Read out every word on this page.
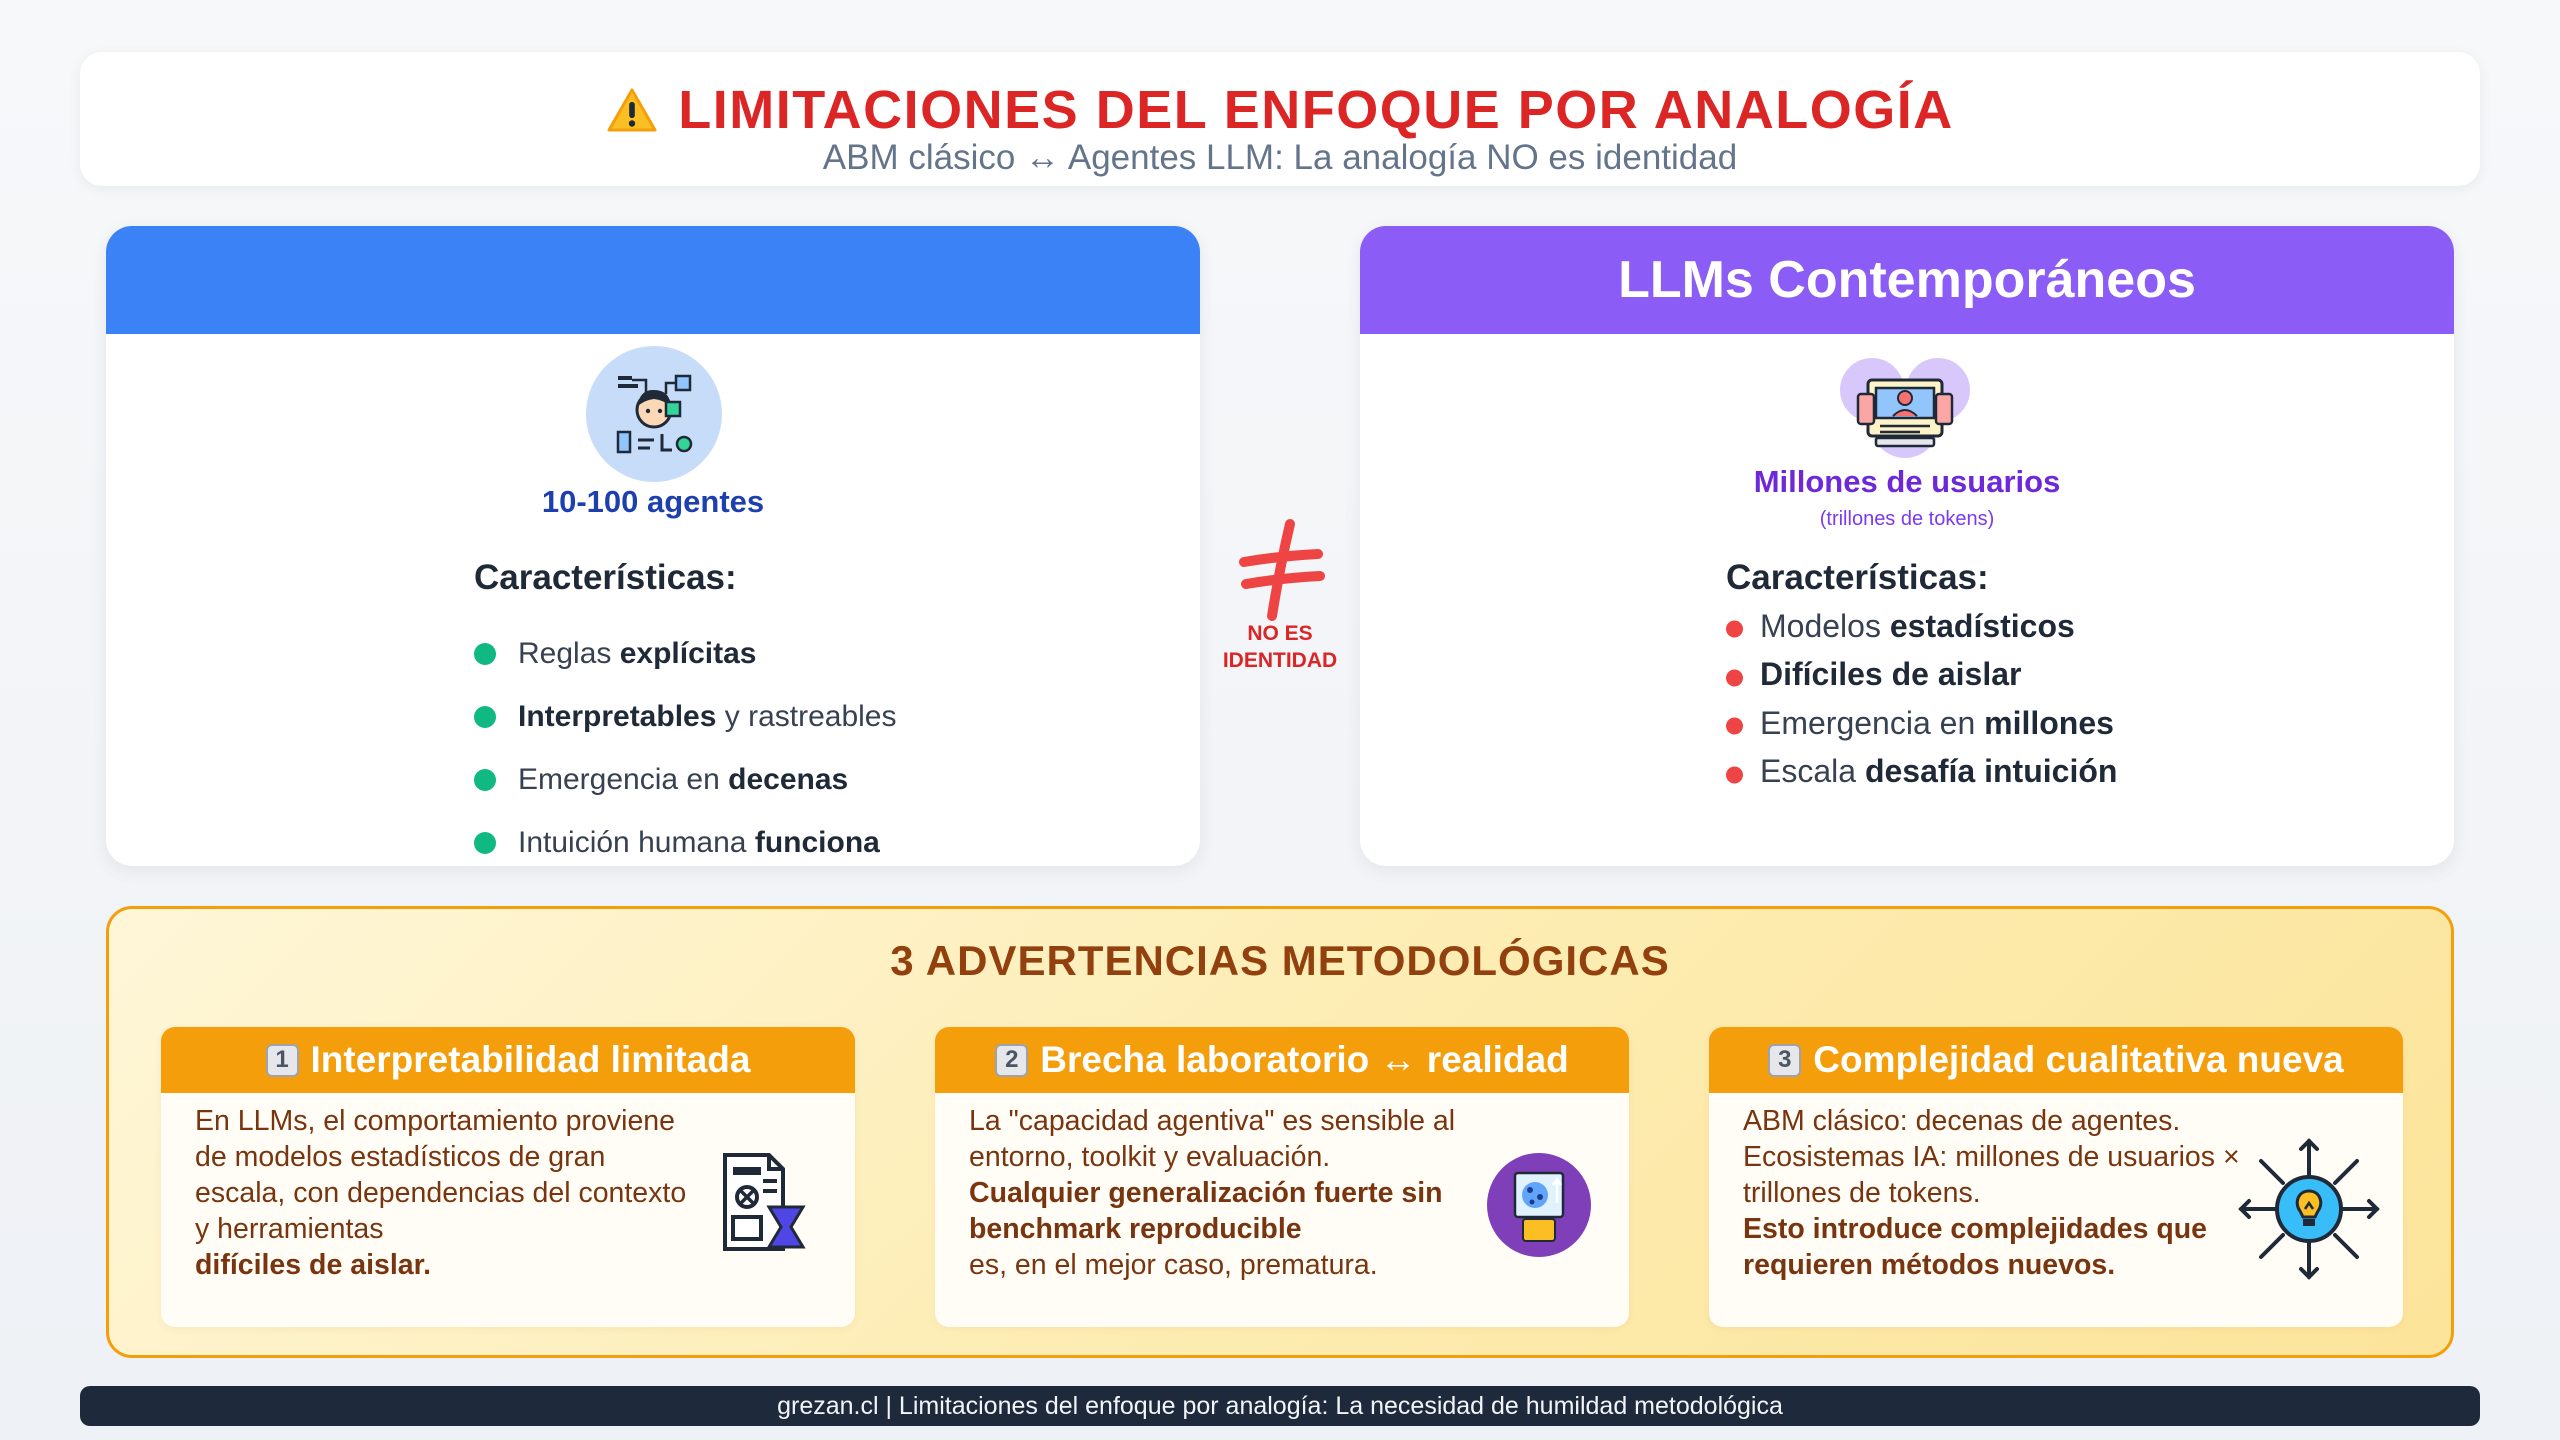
LIMITACIONES DEL ENFOQUE POR ANALOGÍA
ABM clásico ↔ Agentes LLM: La analogía NO es identidad
10-100 agentes
Características:
Reglas explícitas
Interpretables y rastreables
Emergencia en decenas
Intuición humana funciona
NO ES
IDENTIDAD
LLMs Contemporáneos
Millones de usuarios
(trillones de tokens)
Características:
Modelos estadísticos
Difíciles de aislar
Emergencia en millones
Escala desafía intuición
3 ADVERTENCIAS METODOLÓGICAS
1 Interpretabilidad limitada
En LLMs, el comportamiento proviene de modelos estadísticos de gran escala, con dependencias del contexto y herramientas
difíciles de aislar.
2 Brecha laboratorio ↔ realidad
La "capacidad agentiva" es sensible al entorno, toolkit y evaluación.
Cualquier generalización fuerte sin benchmark reproducible
es, en el mejor caso, prematura.
3 Complejidad cualitativa nueva
ABM clásico: decenas de agentes. Ecosistemas IA: millones de usuarios × trillones de tokens.
Esto introduce complejidades que requieren métodos nuevos.
grezan.cl | Limitaciones del enfoque por analogía: La necesidad de humildad metodológica
